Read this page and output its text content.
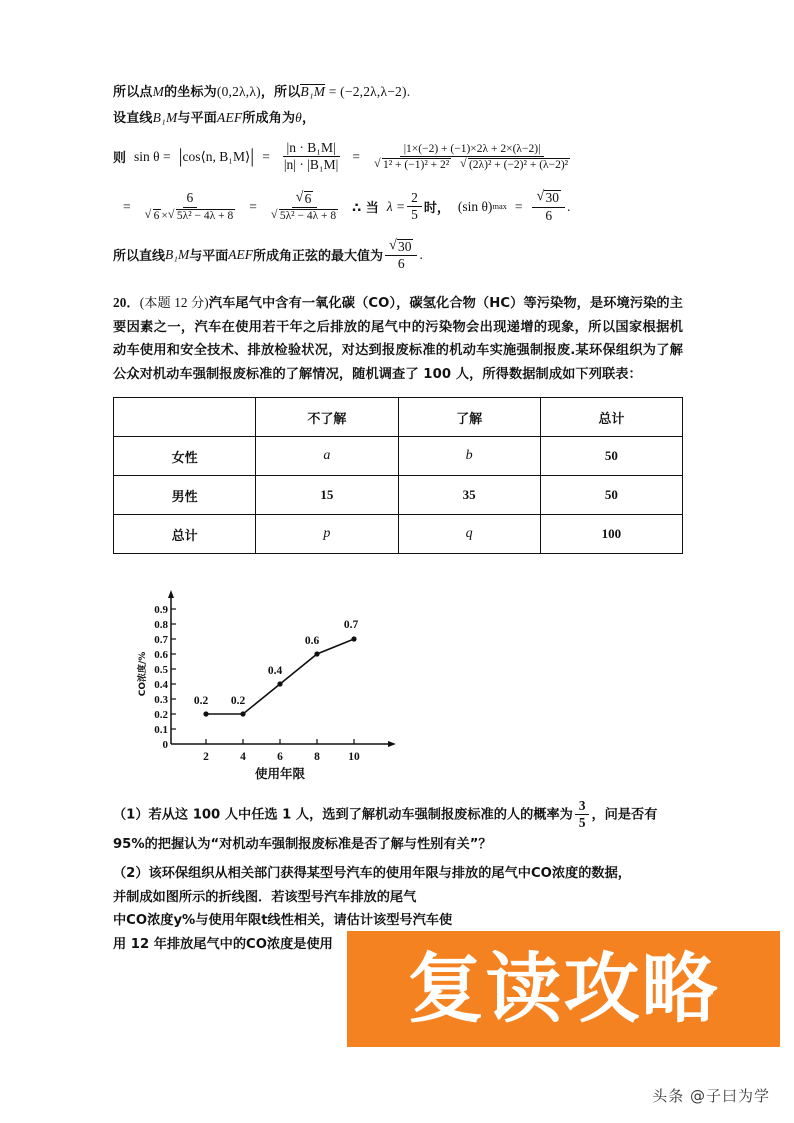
所以点M的坐标为(0,2λ,λ)，所以B₁M = (−2,2λ,λ−2).
设直线B₁M与平面AEF所成角为θ，
则 sin θ = | cos⟨n, B₁M⟩ | = $\frac{\text{|n · B₁M|}}{\text{|n| · |B₁M|}} = |1\times(-2) + (-1)\times 2\lambda + 2\times(\lambda-2)|$
√ 1² + (−1)² + 2² √ (2λ)² + (−2)² + (λ−2)²
= 6
√ 6 × √ 5λ² − 4λ + 8 = √ 6
√ 5λ² − 4λ + 8 ∴ 当 $\lambda = \frac{2}{5}$ 时， (sin θ) max = √ $\frac{30}{6}$ .
所以直线 B₁M 与平面 AEF 所成角正弦的最大值为 √ $\frac{30}{6}$ .
20．(本题 12 分)汽车尾气中含有一氧化碳（CO），碳氢化合物（HC）等污染物，是环境污染的主要因素之一，汽车在使用若干年之后排放的尾气中的污染物会出现递增的现象，所以国家根据机动车使用和安全技术、排放检验状况，对达到报废标准的机动车实施强制报废.某环保组织为了解公众对机动车强制报废标准的了解情况，随机调查了 100 人，所得数据制成如下列联表：
	不了解	了解	总计
女性	a	b	50
男性	15	35	50
总计	p	q	100
0
0.1
0.2
0.3
0.4
0.5
0.6
0.7
0.8
0.9
2	4	6	8 10
0.2 0.2
0.4
0.6
0.7
CO浓度/%
使用年限
（1）若从这 100 人中任选 1 人，选到了解机动车强制报废标准的人的概率为 $\frac{3}{5}$ ，问是否有
95%的把握认为“对机动车强制报废标准是否了解与性别有关”？
（2）该环保组织从相关部门获得某型号汽车的使用年限与排放的尾气中CO浓度的数据，
并制成如图所示的折线图．若该型号汽车排放的尾气
中CO浓度y%与使用年限t线性相关，请估计该型号汽车使
用 12 年排放尾气中的CO浓度是使用 复读攻略
头条 @子曰为学
